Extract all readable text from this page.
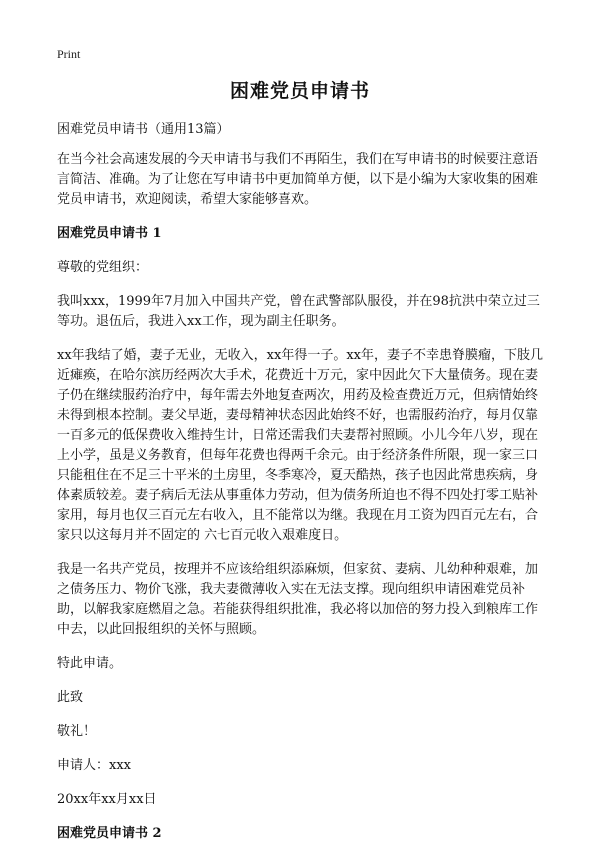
Print
困难党员申请书

困难党员申请书（通用13篇）

在当今社会高速发展的今天申请书与我们不再陌生，我们在写申请书的时候要注意语言简洁、准确。为了让您在写申请书中更加简单方便，以下是小编为大家收集的困难党员申请书，欢迎阅读，希望大家能够喜欢。

困难党员申请书 1

尊敬的党组织：

我叫xxx，1999年7月加入中国共产党，曾在武警部队服役，并在98抗洪中荣立过三等功。退伍后，我进入xx工作，现为副主任职务。

xx年我结了婚，妻子无业，无收入，xx年得一子。xx年，妻子不幸患脊膜瘤，下肢几近瘫痪，在哈尔滨历经两次大手术，花费近十万元，家中因此欠下大量债务。现在妻子仍在继续服药治疗中，每年需去外地复查两次，用药及检查费近万元，但病情始终未得到根本控制。妻父早逝，妻母精神状态因此始终不好，也需服药治疗，每月仅靠一百多元的低保费收入维持生计，日常还需我们夫妻帮衬照顾。小儿今年八岁，现在上小学，虽是义务教育，但每年花费也得两千余元。由于经济条件所限，现一家三口只能租住在不足三十平米的土房里，冬季寒冷，夏天酷热，孩子也因此常患疾病，身体素质较差。妻子病后无法从事重体力劳动，但为债务所迫也不得不四处打零工贴补家用，每月也仅三百元左右收入，且不能常以为继。我现在月工资为四百元左右，合家只以这每月并不固定的 六七百元收入艰难度日。

我是一名共产党员，按理并不应该给组织添麻烦，但家贫、妻病、儿幼种种艰难，加之债务压力、物价飞涨，我夫妻微薄收入实在无法支撑。现向组织申请困难党员补助，以解我家庭燃眉之急。若能获得组织批准，我必将以加倍的努力投入到粮库工作中去，以此回报组织的关怀与照顾。

特此申请。

此致

敬礼！

申请人：xxx

20xx年xx月xx日

困难党员申请书 2
